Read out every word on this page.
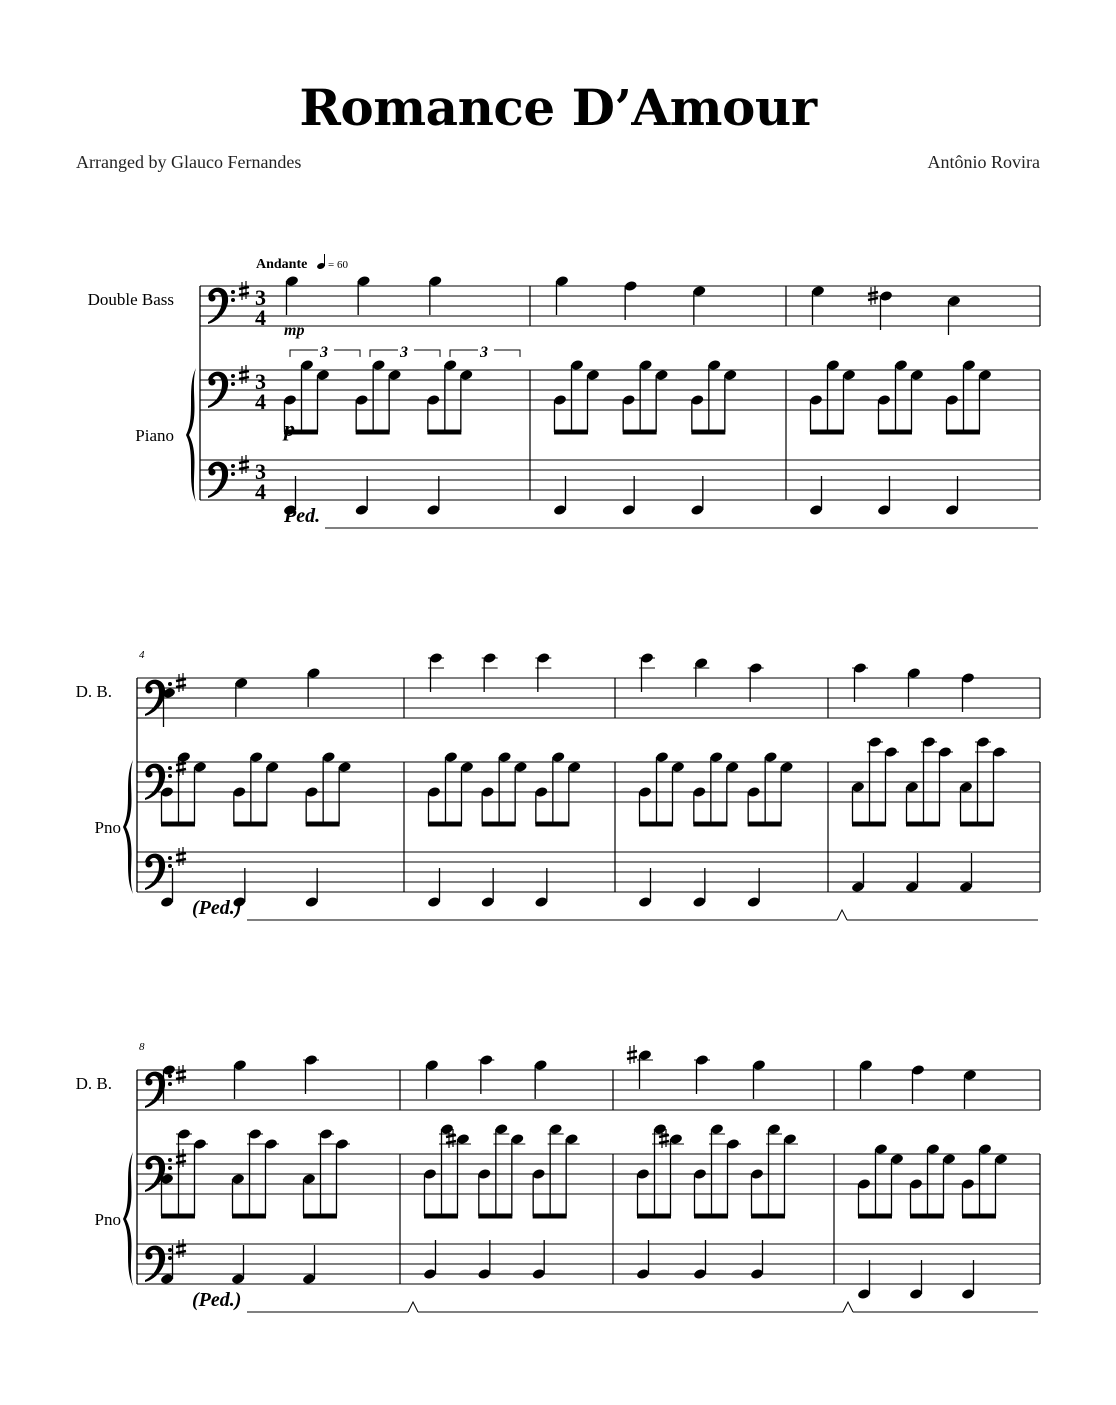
Romance D’Amour
Arranged by Glauco Fernandes	Antônio Rovira
Double Bass
Piano
3
4
3
4
3
4
Ped.
D. B.
Pno
4
(Ped.)
D. B.
Pno
8
(Ped.)
Andante = 60
mp
p
3	3	3
